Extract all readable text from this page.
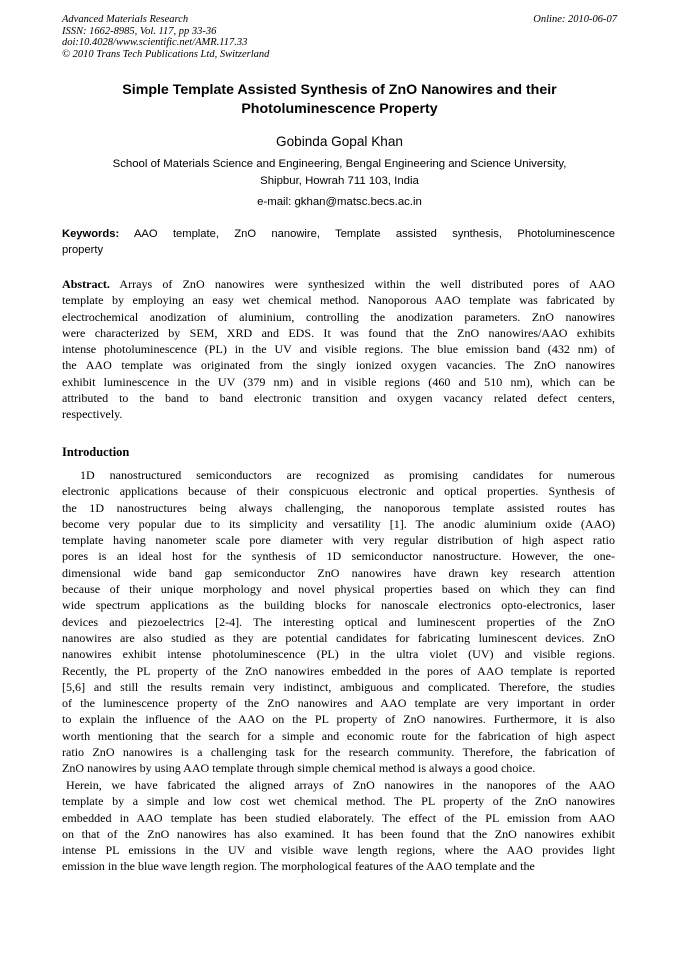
Advanced Materials Research
ISSN: 1662-8985, Vol. 117, pp 33-36
doi:10.4028/www.scientific.net/AMR.117.33
© 2010 Trans Tech Publications Ltd, Switzerland
Online: 2010-06-07
Simple Template Assisted Synthesis of ZnO Nanowires and their
Photoluminescence Property
Gobinda Gopal Khan
School of Materials Science and Engineering, Bengal Engineering and Science University,
Shipbur, Howrah 711 103, India
e-mail: gkhan@matsc.becs.ac.in
Keywords: AAO template, ZnO nanowire, Template assisted synthesis, Photoluminescence
property
Abstract. Arrays of ZnO nanowires were synthesized within the well distributed pores of AAO
template by employing an easy wet chemical method. Nanoporous AAO template was fabricated by
electrochemical anodization of aluminium, controlling the anodization parameters. ZnO nanowires
were characterized by SEM, XRD and EDS. It was found that the ZnO nanowires/AAO exhibits
intense photoluminescence (PL) in the UV and visible regions. The blue emission band (432 nm) of
the AAO template was originated from the singly ionized oxygen vacancies. The ZnO nanowires
exhibit luminescence in the UV (379 nm) and in visible regions (460 and 510 nm), which can be
attributed to the band to band electronic transition and oxygen vacancy related defect centers,
respectively.
Introduction
1D nanostructured semiconductors are recognized as promising candidates for numerous
electronic applications because of their conspicuous electronic and optical properties. Synthesis of
the 1D nanostructures being always challenging, the nanoporous template assisted routes has
become very popular due to its simplicity and versatility [1]. The anodic aluminium oxide (AAO)
template having nanometer scale pore diameter with very regular distribution of high aspect ratio
pores is an ideal host for the synthesis of 1D semiconductor nanostructure. However, the one-
dimensional wide band gap semiconductor ZnO nanowires have drawn key research attention
because of their unique morphology and novel physical properties based on which they can find
wide spectrum applications as the building blocks for nanoscale electronics opto-electronics, laser
devices and piezoelectrics [2-4]. The interesting optical and luminescent properties of the ZnO
nanowires are also studied as they are potential candidates for fabricating luminescent devices. ZnO
nanowires exhibit intense photoluminescence (PL) in the ultra violet (UV) and visible regions.
Recently, the PL property of the ZnO nanowires embedded in the pores of AAO template is reported
[5,6] and still the results remain very indistinct, ambiguous and complicated. Therefore, the studies
of the luminescence property of the ZnO nanowires and AAO template are very important in order
to explain the influence of the AAO on the PL property of ZnO nanowires. Furthermore, it is also
worth mentioning that the search for a simple and economic route for the fabrication of high aspect
ratio ZnO nanowires is a challenging task for the research community. Therefore, the fabrication of
ZnO nanowires by using AAO template through simple chemical method is always a good choice.
Herein, we have fabricated the aligned arrays of ZnO nanowires in the nanopores of the AAO
template by a simple and low cost wet chemical method. The PL property of the ZnO nanowires
embedded in AAO template has been studied elaborately. The effect of the PL emission from AAO
on that of the ZnO nanowires has also examined. It has been found that the ZnO nanowires exhibit
intense PL emissions in the UV and visible wave length regions, where the AAO provides light
emission in the blue wave length region. The morphological features of the AAO template and the
